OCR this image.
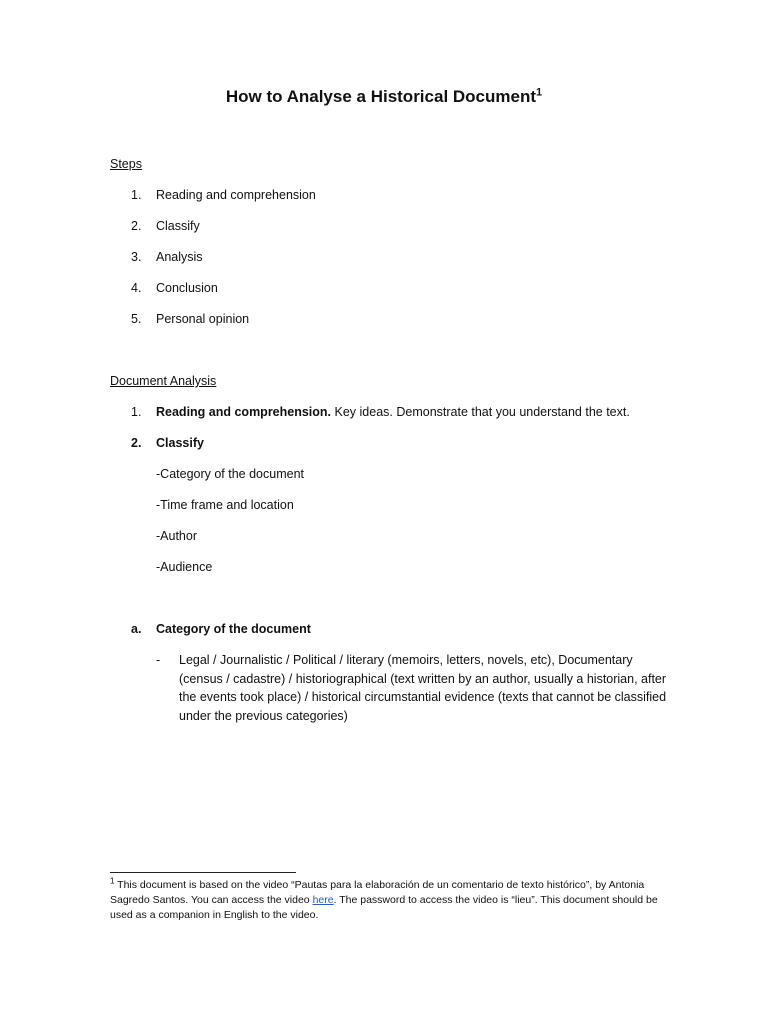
How to Analyse a Historical Document$^1$
Steps
1. Reading and comprehension
2. Classify
3. Analysis
4. Conclusion
5. Personal opinion
Document Analysis
1. Reading and comprehension. Key ideas. Demonstrate that you understand the text.
2. Classify
-Category of the document
-Time frame and location
-Author
-Audience
a. Category of the document
- Legal / Journalistic / Political / literary (memoirs, letters, novels, etc), Documentary (census / cadastre) / historiographical (text written by an author, usually a historian, after the events took place) / historical circumstantial evidence (texts that cannot be classified under the previous categories)
$^1$ This document is based on the video “Pautas para la elaboración de un comentario de texto histórico”, by Antonia Sagredo Santos. You can access the video here. The password to access the video is “lieu”. This document should be used as a companion in English to the video.
